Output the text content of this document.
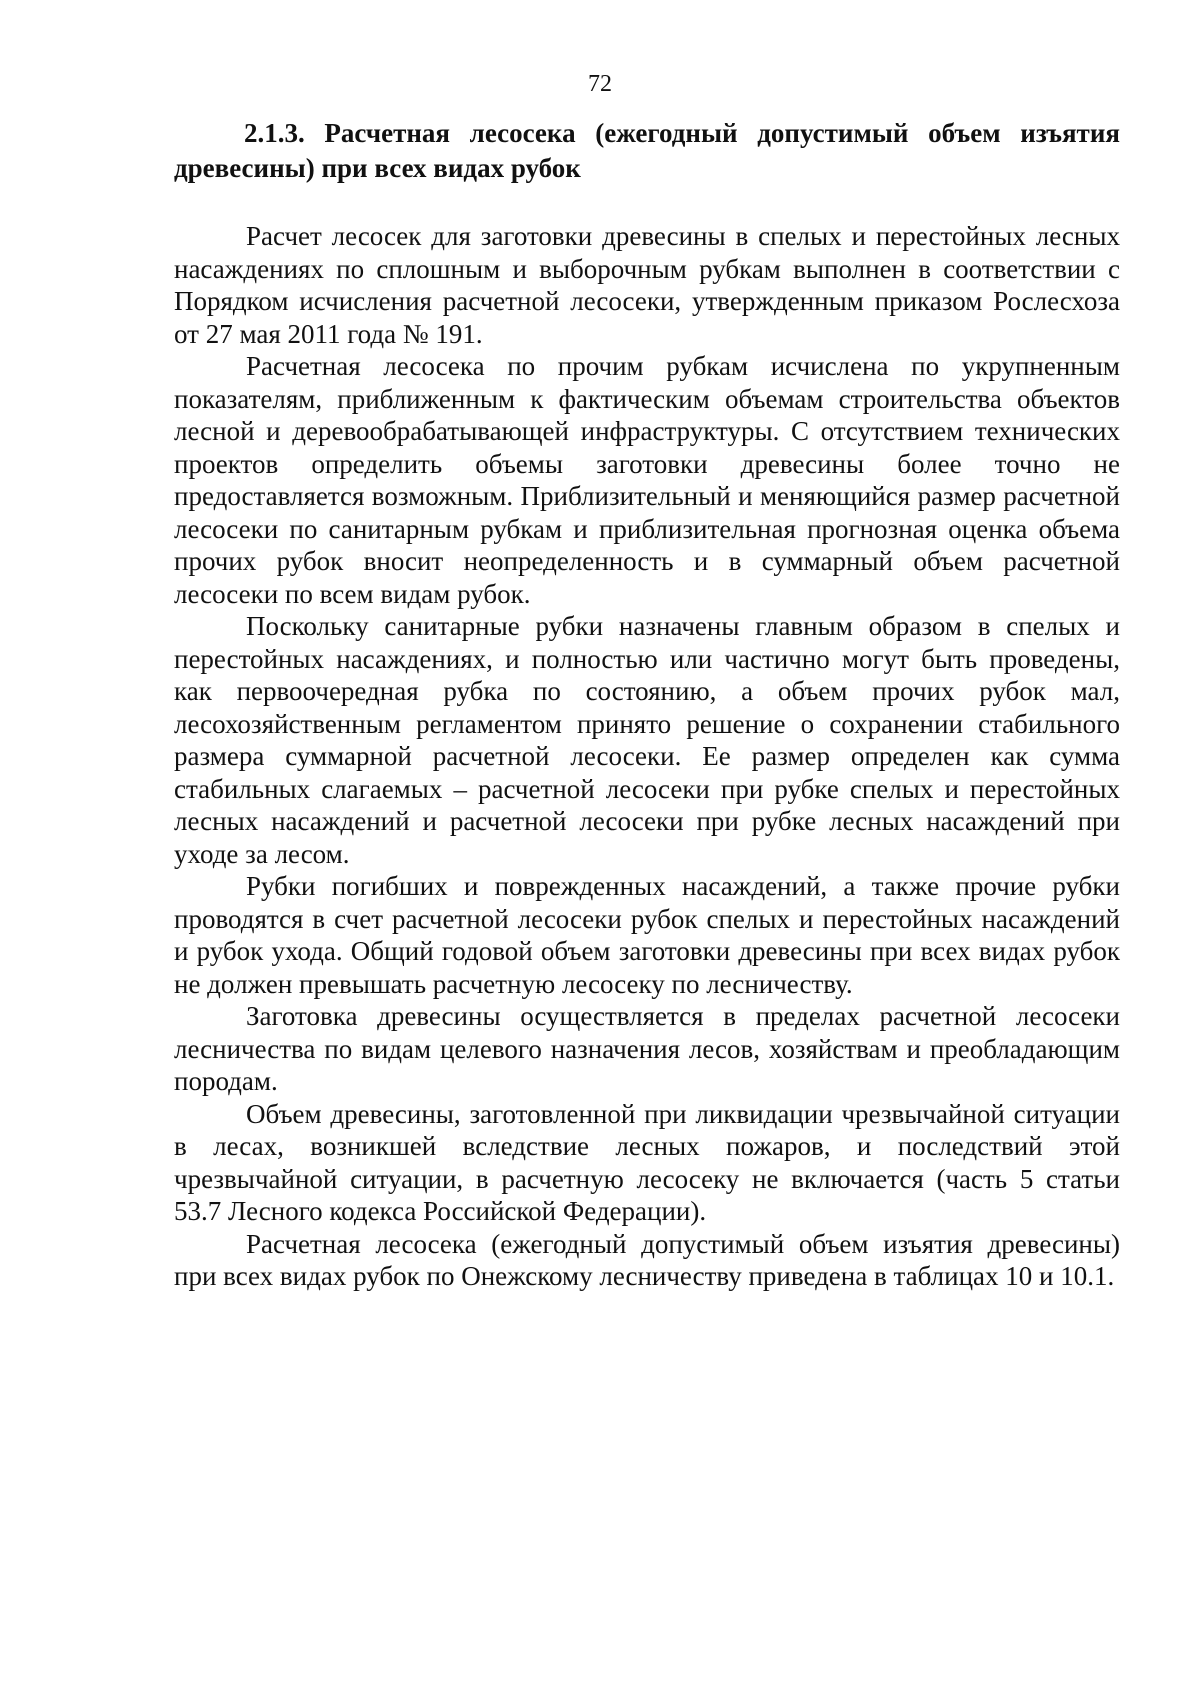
72

2.1.3. Расчетная лесосека (ежегодный допустимый объем изъятия древесины) при всех видах рубок

Расчет лесосек для заготовки древесины в спелых и перестойных лесных насаждениях по сплошным и выборочным рубкам выполнен в соответствии с Порядком исчисления расчетной лесосеки, утвержденным приказом Рослесхоза от 27 мая 2011 года № 191.

Расчетная лесосека по прочим рубкам исчислена по укрупненным показателям, приближенным к фактическим объемам строительства объектов лесной и деревообрабатывающей инфраструктуры. С отсутствием технических проектов определить объемы заготовки древесины более точно не предоставляется возможным. Приблизительный и меняющийся размер расчетной лесосеки по санитарным рубкам и приблизительная прогнозная оценка объема прочих рубок вносит неопределенность и в суммарный объем расчетной лесосеки по всем видам рубок.

Поскольку санитарные рубки назначены главным образом в спелых и перестойных насаждениях, и полностью или частично могут быть проведены, как первоочередная рубка по состоянию, а объем прочих рубок мал, лесохозяйственным регламентом принято решение о сохранении стабильного размера суммарной расчетной лесосеки. Ее размер определен как сумма стабильных слагаемых – расчетной лесосеки при рубке спелых и перестойных лесных насаждений и расчетной лесосеки при рубке лесных насаждений при уходе за лесом.

Рубки погибших и поврежденных насаждений, а также прочие рубки проводятся в счет расчетной лесосеки рубок спелых и перестойных насаждений и рубок ухода. Общий годовой объем заготовки древесины при всех видах рубок не должен превышать расчетную лесосеку по лесничеству.

Заготовка древесины осуществляется в пределах расчетной лесосеки лесничества по видам целевого назначения лесов, хозяйствам и преобладающим породам.

Объем древесины, заготовленной при ликвидации чрезвычайной ситуации в лесах, возникшей вследствие лесных пожаров, и последствий этой чрезвычайной ситуации, в расчетную лесосеку не включается (часть 5 статьи 53.7 Лесного кодекса Российской Федерации).

Расчетная лесосека (ежегодный допустимый объем изъятия древесины) при всех видах рубок по Онежскому лесничеству приведена в таблицах 10 и 10.1.
